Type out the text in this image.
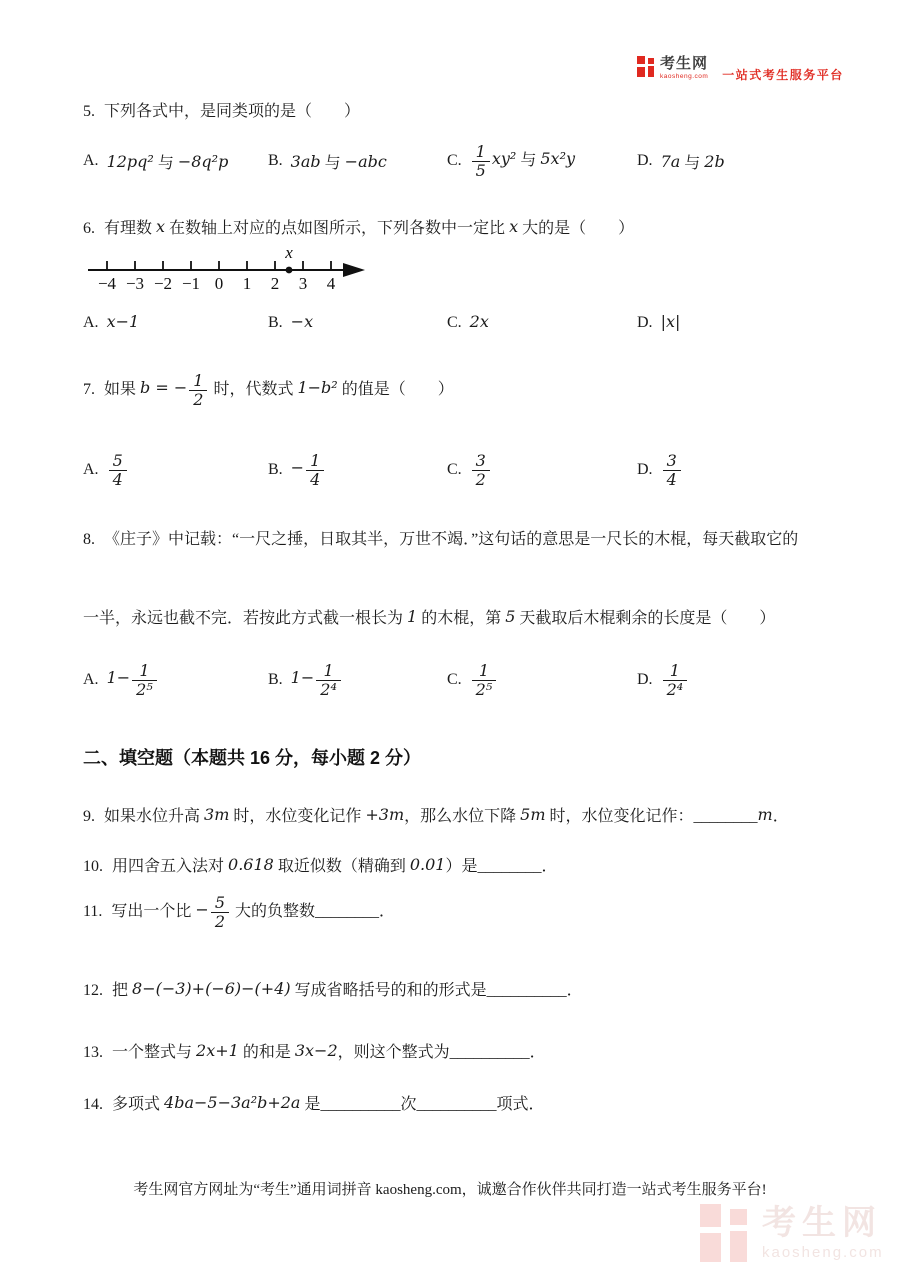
考生网
kaosheng.com 一站式考生服务平台
5. 下列各式中，是同类项的是（　　）
A. 12pq² 与 −8q²p B. 3ab 与 −abc	C. $\frac{1}{5} xy^2$ 与 5x²y	D. 7a 与 2b
6. 有理数 x 在数轴上对应的点如图所示，下列各数中一定比 x 大的是（　　）
−4 −3 −2 −1 0 1 2 3 4
x
A. x−1	B. −x	C. 2x	D. |x|
7. 如果 b = − $\frac{1}{2}$ 时，代数式 1−b² 的值是（　　）
A. $\frac{5}{4}$	B. − $\frac{1}{4}$	C. $\frac{3}{2}$	D. $\frac{3}{4}$
8. 《庄子》中记载：“一尺之捶，日取其半，万世不竭．”这句话的意思是一尺长的木棍，每天截取它的
一半，永远也截不完．若按此方式截一根长为 1 的木棍，第 5 天截取后木棍剩余的长度是（　　）
A. $1- \frac{1}{\text{2⁵}}$	B. $1- \frac{1}{\text{2⁴}}$	C. $\frac{1}{\text{2⁵}}$	D. $\frac{1}{\text{2⁴}}$
二、填空题（本题共 16 分，每小题 2 分）
9. 如果水位升高 3m 时，水位变化记作 +3m，那么水位下降 5m 时，水位变化记作：________m．
10. 用四舍五入法对 0.618 取近似数（精确到 0.01）是________．
11. 写出一个比 − $\frac{5}{2}$ 大的负整数________．
12. 把 8−(−3)+(−6)−(+4) 写成省略括号的和的形式是__________．
13. 一个整式与 2x+1 的和是 3x−2，则这个整式为__________．
14. 多项式 4ba−5−3a²b+2a 是__________次__________项式．
考生网官方网址为“考生”通用词拼音 kaosheng.com，诚邀合作伙伴共同打造一站式考生服务平台!
考生网
kaosheng.com
